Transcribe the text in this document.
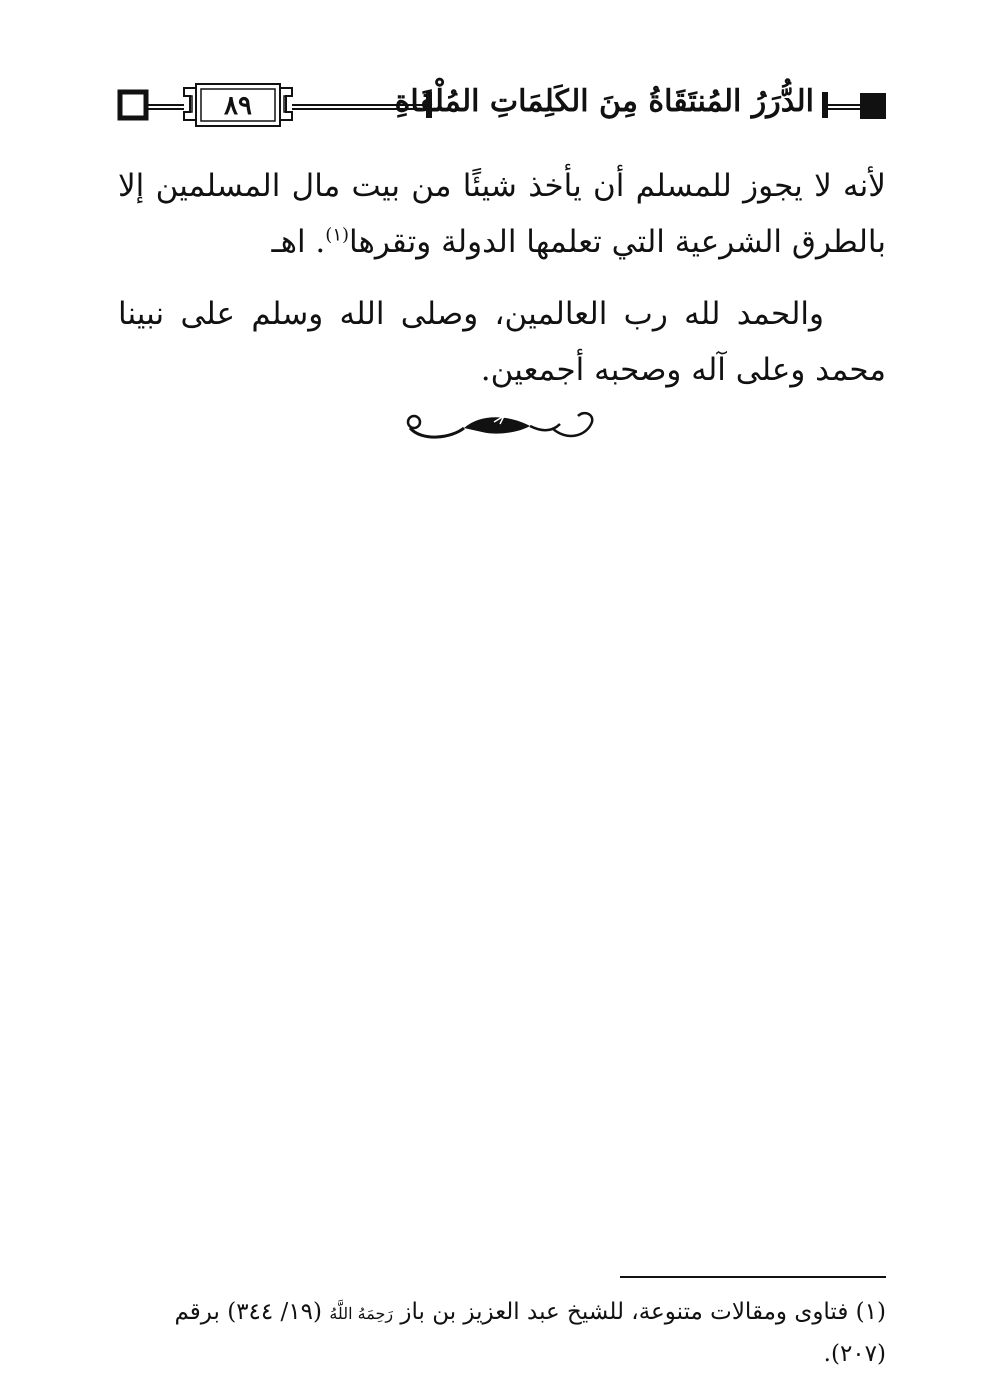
الدُّرَرُ المُنتَقَاةُ مِنَ الكَلِمَاتِ المُلْقَاةِ
٨٩

لأنه لا يجوز للمسلم أن يأخذ شيئًا من بيت مال المسلمين إلا بالطرق الشرعية التي تعلمها الدولة وتقرها$^{(١)}$. اهـ

والحمد لله رب العالمين، وصلى الله وسلم على نبينا محمد وعلى آله وصحبه أجمعين.

(١) فتاوى ومقالات متنوعة، للشيخ عبد العزيز بن باز رَحِمَهُ اللَّهُ (١٩/ ٣٤٤) برقم (٢٠٧).
